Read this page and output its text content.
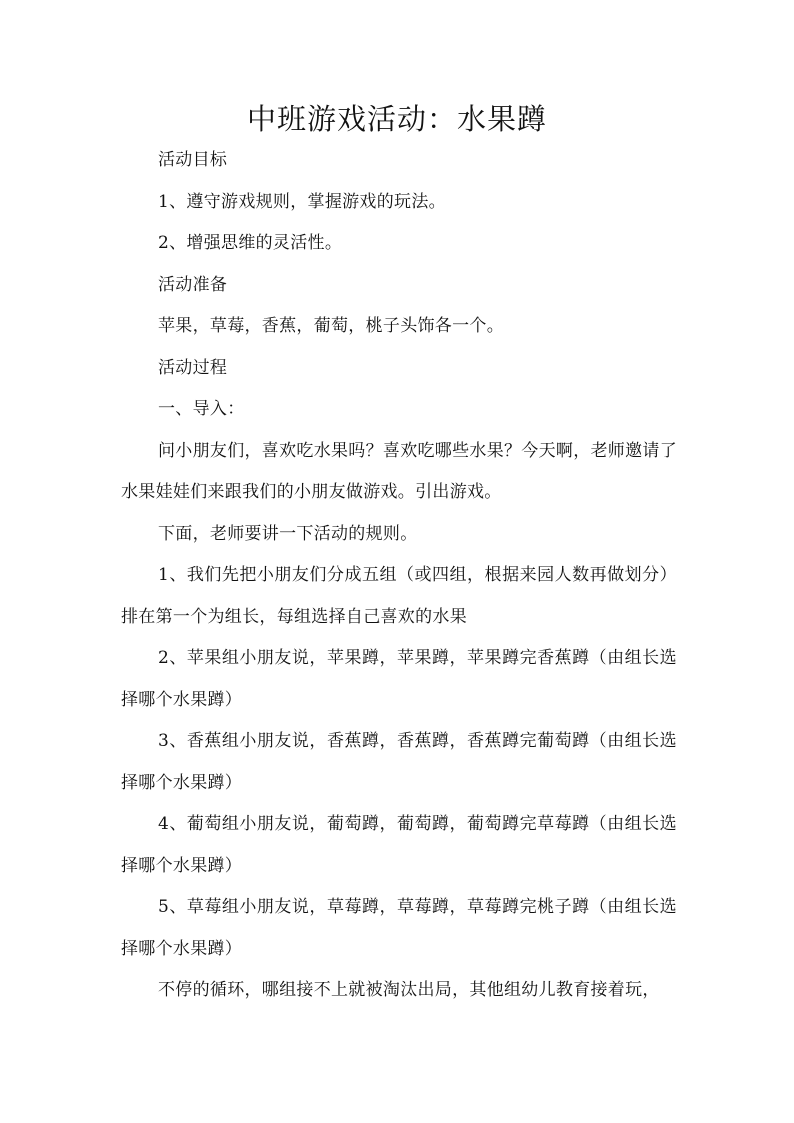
中班游戏活动：水果蹲

活动目标

1、遵守游戏规则，掌握游戏的玩法。

2、增强思维的灵活性。

活动准备

苹果，草莓，香蕉，葡萄，桃子头饰各一个。

活动过程

一、导入：

问小朋友们，喜欢吃水果吗？喜欢吃哪些水果？今天啊，老师邀请了水果娃娃们来跟我们的小朋友做游戏。引出游戏。

下面，老师要讲一下活动的规则。

1、我们先把小朋友们分成五组（或四组，根据来园人数再做划分）排在第一个为组长，每组选择自己喜欢的水果

2、苹果组小朋友说，苹果蹲，苹果蹲，苹果蹲完香蕉蹲（由组长选择哪个水果蹲）

3、香蕉组小朋友说，香蕉蹲，香蕉蹲，香蕉蹲完葡萄蹲（由组长选择哪个水果蹲）

4、葡萄组小朋友说，葡萄蹲，葡萄蹲，葡萄蹲完草莓蹲（由组长选择哪个水果蹲）

5、草莓组小朋友说，草莓蹲，草莓蹲，草莓蹲完桃子蹲（由组长选择哪个水果蹲）

不停的循环，哪组接不上就被淘汰出局，其他组幼儿教育接着玩，
